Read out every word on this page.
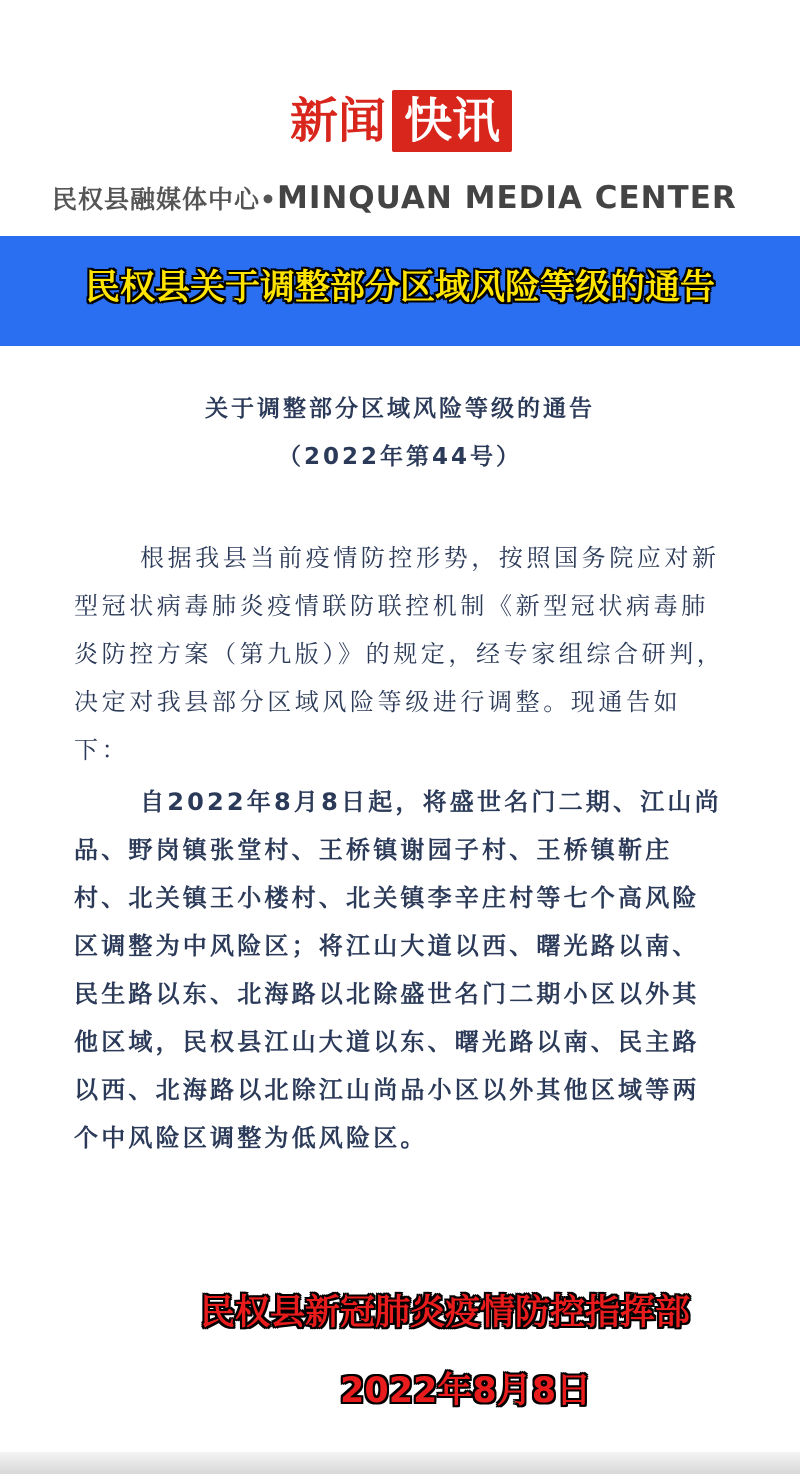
新闻 快讯
民权县融媒体中心• MINQUAN MEDIA CENTER
民权县关于调整部分区域风险等级的通告
关于调整部分区域风险等级的通告
（2022年第44号）
根据我县当前疫情防控形势，按照国务院应对新型冠状病毒肺炎疫情联防联控机制《新型冠状病毒肺炎防控方案（第九版）》的规定，经专家组综合研判，决定对我县部分区域风险等级进行调整。现通告如下：
自2022年8月8日起，将盛世名门二期、江山尚品、野岗镇张堂村、王桥镇谢园子村、王桥镇靳庄村、北关镇王小楼村、北关镇李辛庄村等七个高风险区调整为中风险区；将江山大道以西、曙光路以南、民生路以东、北海路以北除盛世名门二期小区以外其他区域，民权县江山大道以东、曙光路以南、民主路以西、北海路以北除江山尚品小区以外其他区域等两个中风险区调整为低风险区。
民权县新冠肺炎疫情防控指挥部
2022年8月8日
